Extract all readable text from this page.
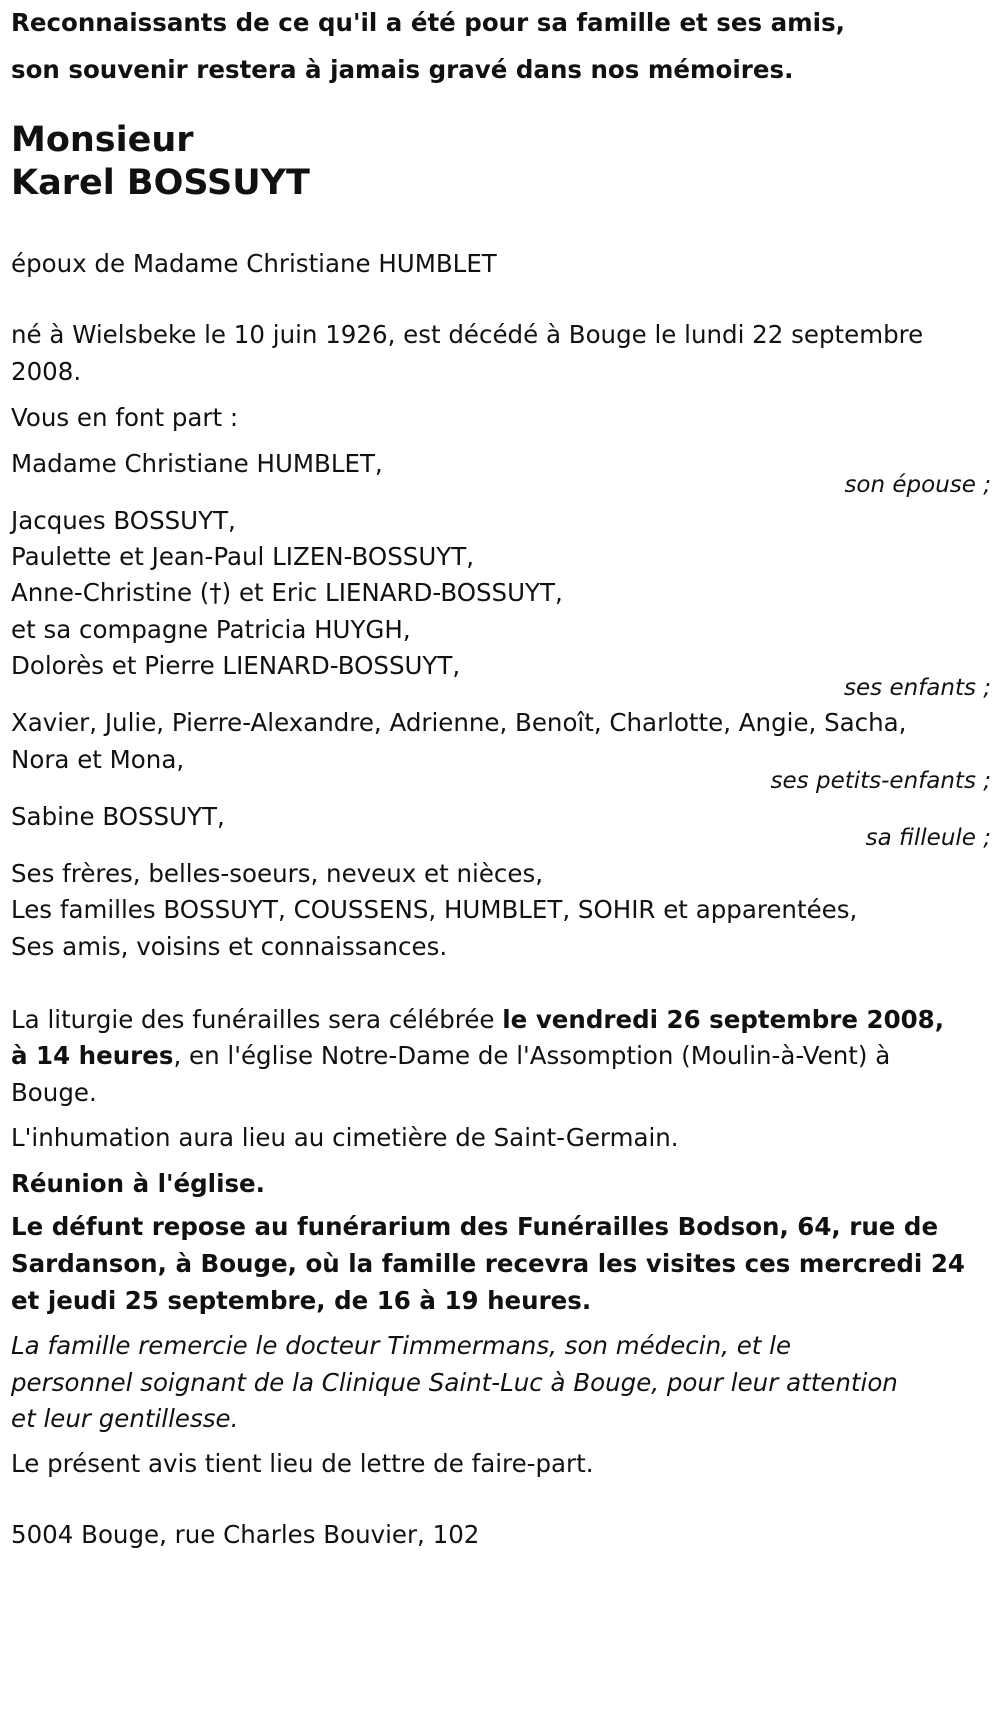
Reconnaissants de ce qu'il a été pour sa famille et ses amis,
son souvenir restera à jamais gravé dans nos mémoires.
Monsieur
Karel BOSSUYT
époux de Madame Christiane HUMBLET
né à Wielsbeke le 10 juin 1926, est décédé à Bouge le lundi 22 septembre
2008.
Vous en font part :
Madame Christiane HUMBLET,
son épouse ;
Jacques BOSSUYT,
Paulette et Jean-Paul LIZEN-BOSSUYT,
Anne-Christine (†) et Eric LIENARD-BOSSUYT,
et sa compagne Patricia HUYGH,
Dolorès et Pierre LIENARD-BOSSUYT,
ses enfants ;
Xavier, Julie, Pierre-Alexandre, Adrienne, Benoît, Charlotte, Angie, Sacha,
Nora et Mona,
ses petits-enfants ;
Sabine BOSSUYT,
sa filleule ;
Ses frères, belles-soeurs, neveux et nièces,
Les familles BOSSUYT, COUSSENS, HUMBLET, SOHIR et apparentées,
Ses amis, voisins et connaissances.
La liturgie des funérailles sera célébrée le vendredi 26 septembre 2008,
à 14 heures, en l'église Notre-Dame de l'Assomption (Moulin-à-Vent) à
Bouge.
L'inhumation aura lieu au cimetière de Saint-Germain.
Réunion à l'église.
Le défunt repose au funérarium des Funérailles Bodson, 64, rue de
Sardanson, à Bouge, où la famille recevra les visites ces mercredi 24
et jeudi 25 septembre, de 16 à 19 heures.
La famille remercie le docteur Timmermans, son médecin, et le
personnel soignant de la Clinique Saint-Luc à Bouge, pour leur attention
et leur gentillesse.
Le présent avis tient lieu de lettre de faire-part.
5004 Bouge, rue Charles Bouvier, 102
